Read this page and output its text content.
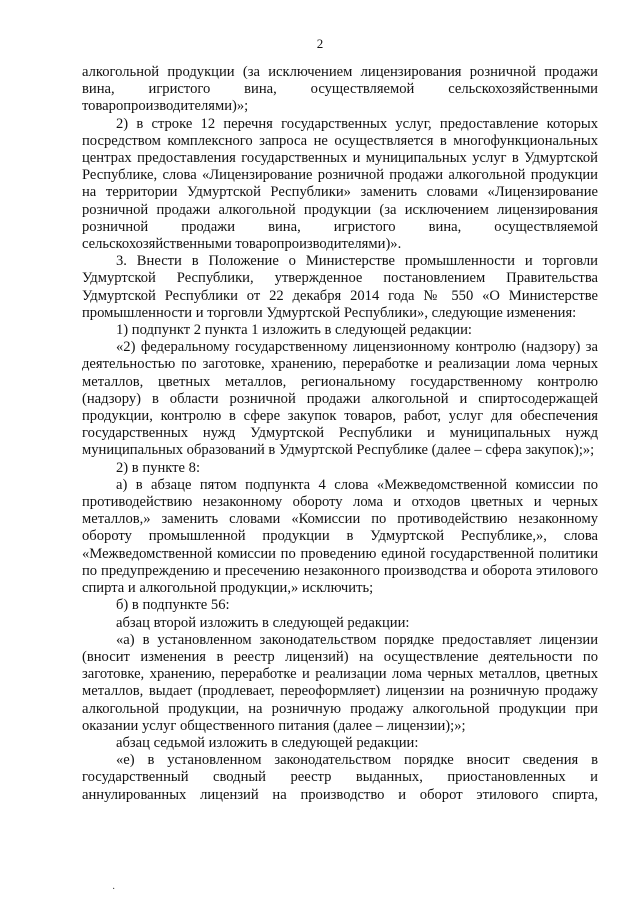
2

алкогольной продукции (за исключением лицензирования розничной продажи вина, игристого вина, осуществляемой сельскохозяйственными товаропроизводителями)»;

2) в строке 12 перечня государственных услуг, предоставление которых посредством комплексного запроса не осуществляется в многофункциональных центрах предоставления государственных и муниципальных услуг в Удмуртской Республике, слова «Лицензирование розничной продажи алкогольной продукции на территории Удмуртской Республики» заменить словами «Лицензирование розничной продажи алкогольной продукции (за исключением лицензирования розничной продажи вина, игристого вина, осуществляемой сельскохозяйственными товаропроизводителями)».

3. Внести в Положение о Министерстве промышленности и торговли Удмуртской Республики, утвержденное постановлением Правительства Удмуртской Республики от 22 декабря 2014 года № 550 «О Министерстве промышленности и торговли Удмуртской Республики», следующие изменения:

1) подпункт 2 пункта 1 изложить в следующей редакции:

«2) федеральному государственному лицензионному контролю (надзору) за деятельностью по заготовке, хранению, переработке и реализации лома черных металлов, цветных металлов, региональному государственному контролю (надзору) в области розничной продажи алкогольной и спиртосодержащей продукции, контролю в сфере закупок товаров, работ, услуг для обеспечения государственных нужд Удмуртской Республики и муниципальных нужд муниципальных образований в Удмуртской Республике (далее – сфера закупок);»;

2) в пункте 8:

а) в абзаце пятом подпункта 4 слова «Межведомственной комиссии по противодействию незаконному обороту лома и отходов цветных и черных металлов,» заменить словами «Комиссии по противодействию незаконному обороту промышленной продукции в Удмуртской Республике,», слова «Межведомственной комиссии по проведению единой государственной политики по предупреждению и пресечению незаконного производства и оборота этилового спирта и алкогольной продукции,» исключить;

б) в подпункте 56:

абзац второй изложить в следующей редакции:

«а) в установленном законодательством порядке предоставляет лицензии (вносит изменения в реестр лицензий) на осуществление деятельности по заготовке, хранению, переработке и реализации лома черных металлов, цветных металлов, выдает (продлевает, переоформляет) лицензии на розничную продажу алкогольной продукции, на розничную продажу алкогольной продукции при оказании услуг общественного питания (далее – лицензии);»;

абзац седьмой изложить в следующей редакции:

«е) в установленном законодательством порядке вносит сведения в государственный сводный реестр выданных, приостановленных и аннулированных лицензий на производство и оборот этилового спирта,

·
